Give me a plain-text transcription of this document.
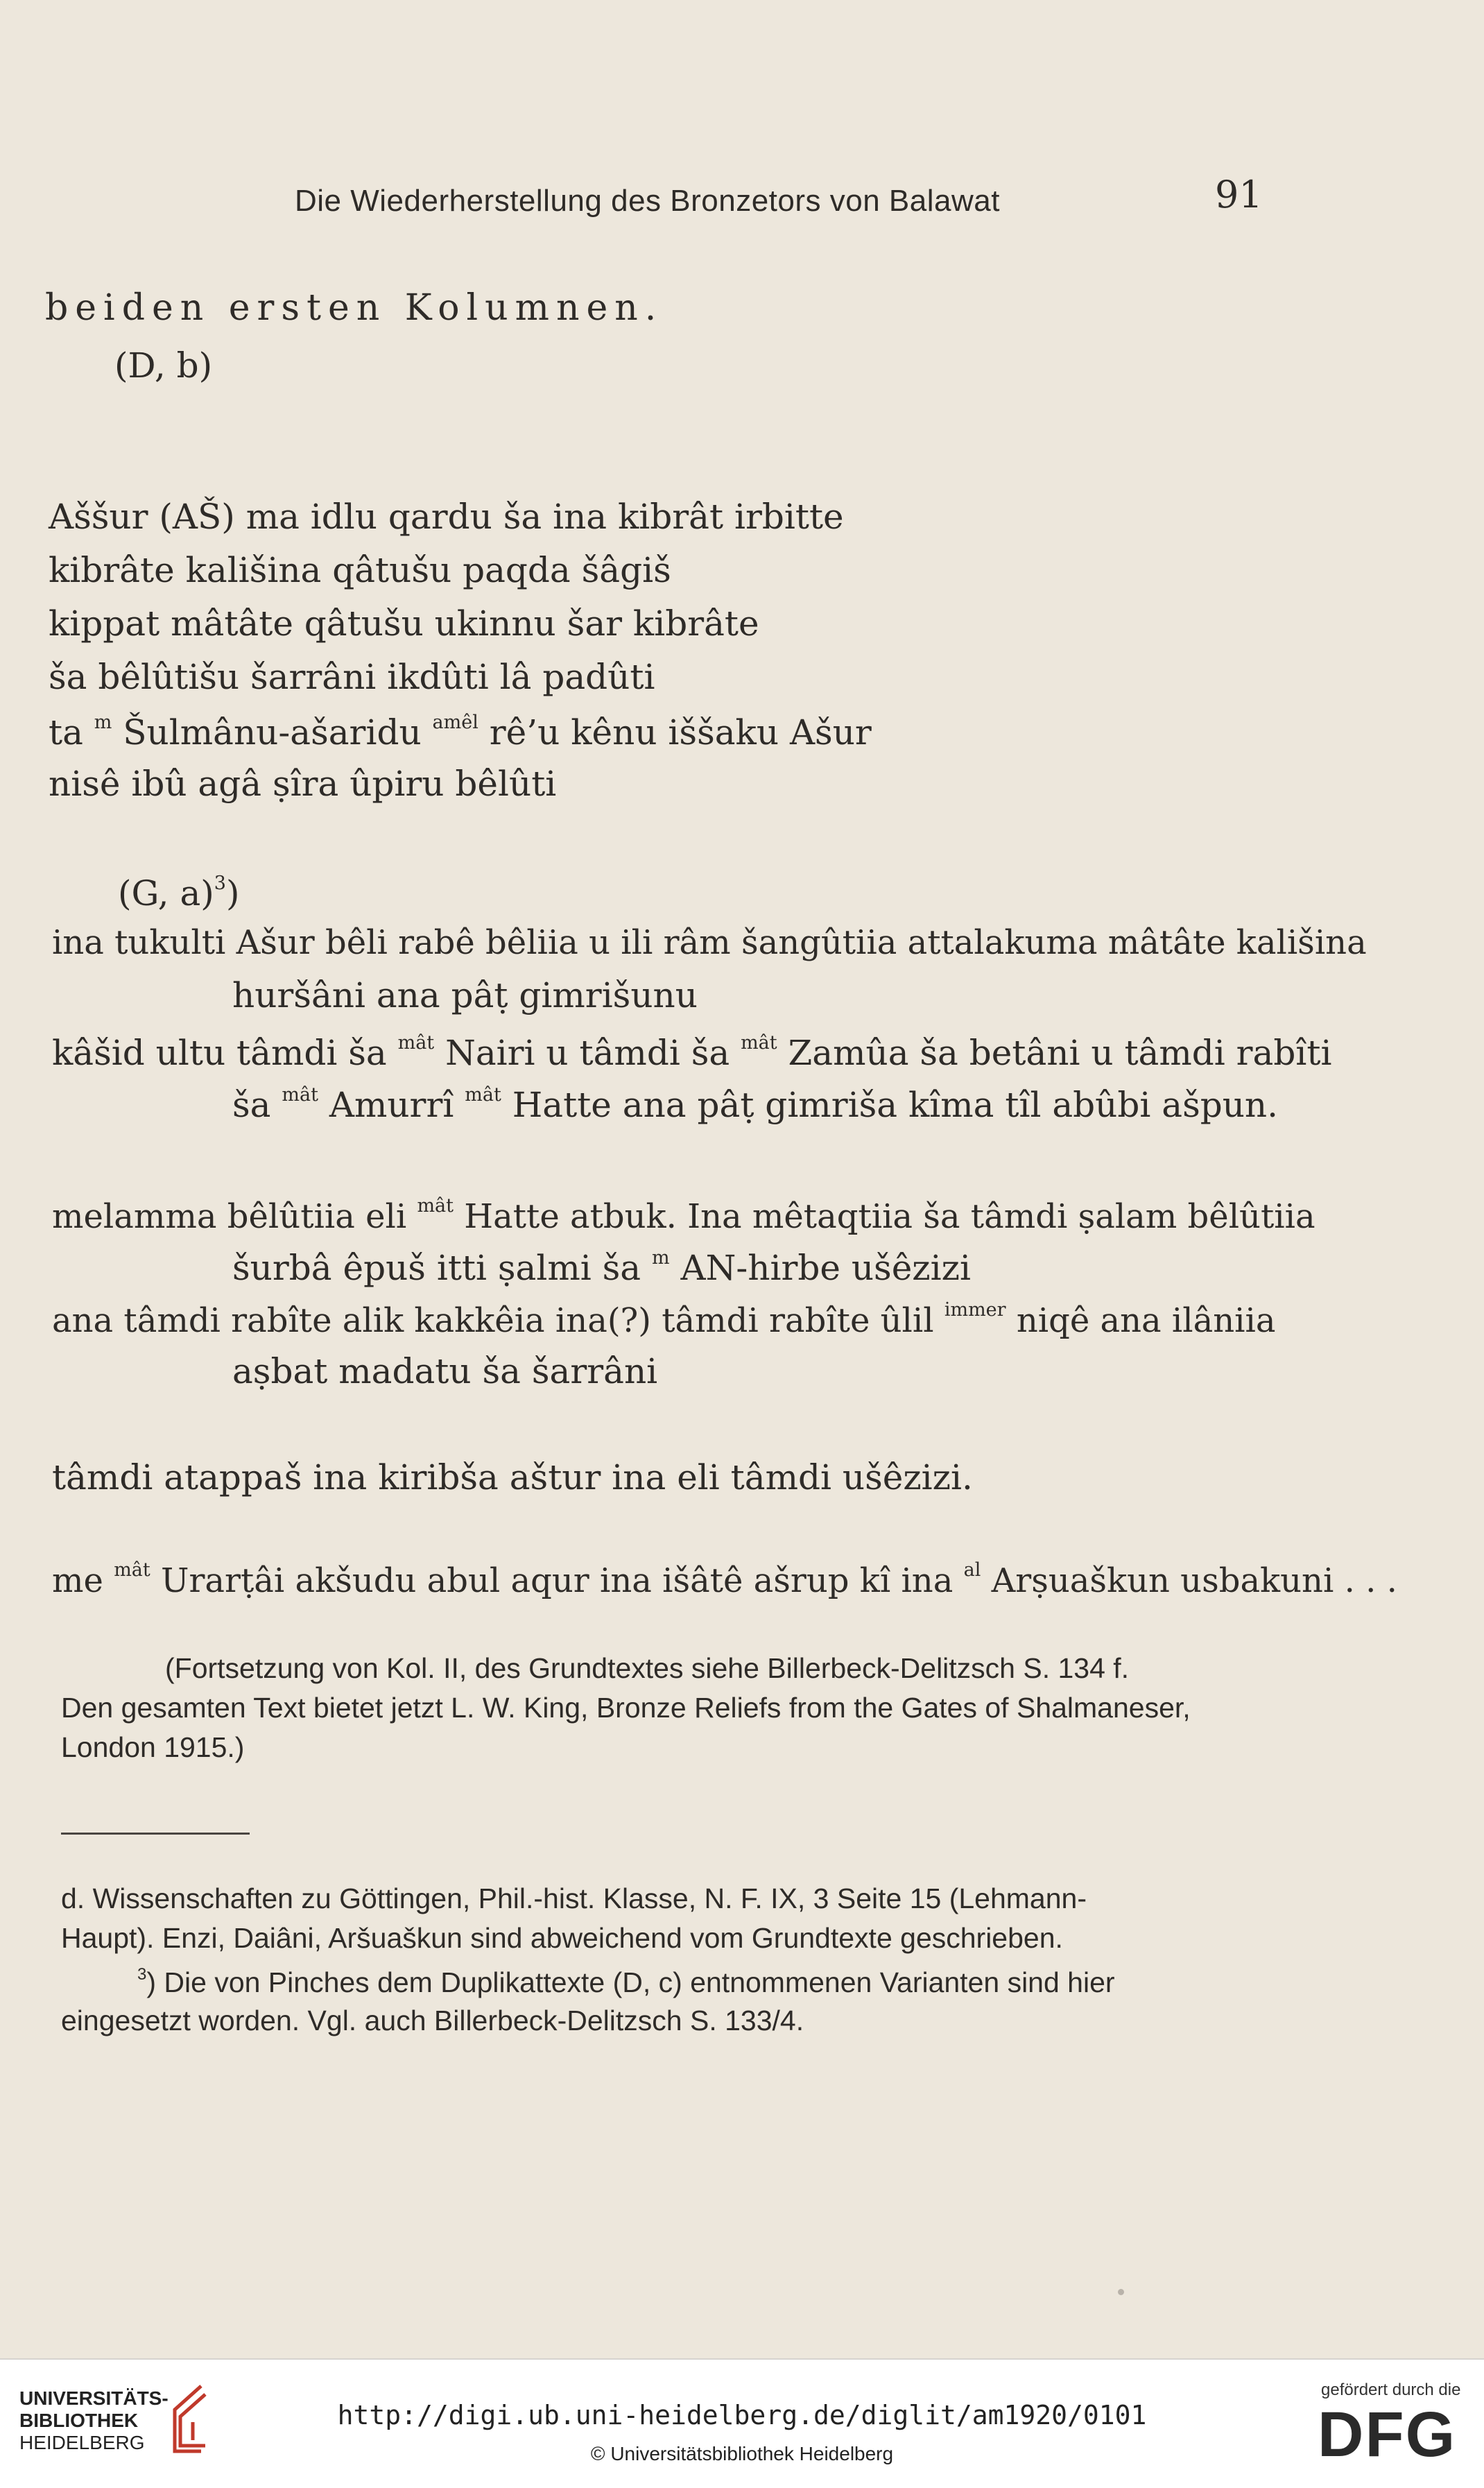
Die Wiederherstellung des Bronzetors von Balawat	91
beiden ersten Kolumnen.
(D, b)
Aššur (AŠ) ma idlu qardu ša ina kibrât irbitte
kibrâte kališina qâtušu paqda šâgiš
kippat mâtâte qâtušu ukinnu šar kibrâte
ša bêlûtišu šarrâni ikdûti lâ padûti
ta $^m$ Šulmânu-ašaridu $^{amêl}$ rê’u kênu iššaku Ašur
nisê ibû agâ ṣîra ûpiru bêlûti
(G, a)$^3$)
ina tukulti Ašur bêli rabê bêliia u ili râm šangûtiia attalakuma mâtâte kališina
huršâni ana pâṭ gimrišunu
kâšid ultu tâmdi ša $^{mât}$ Nairi u tâmdi ša $^{mât}$ Zamûa ša betâni u tâmdi rabîti
ša $^{mât}$ Amurrî $^{mât}$ Hatte ana pâṭ gimriša kîma tîl abûbi ašpun.
melamma bêlûtiia eli $^{mât}$ Hatte atbuk. Ina mêtaqtiia ša tâmdi ṣalam bêlûtiia
šurbâ êpuš itti ṣalmi ša $^m$ AN-hirbe ušêzizi
ana tâmdi rabîte alik kakkêia ina(?) tâmdi rabîte ûlil $^{immer}$ niqê ana ilâniia
aṣbat madatu ša šarrâni
tâmdi atappaš ina kiribša aštur ina eli tâmdi ušêzizi.
me $^{mât}$ Urarṭâi akšudu abul aqur ina išâtê ašrup kî ina $^{al}$ Arṣuaškun usbakuni . . .
(Fortsetzung von Kol. II, des Grundtextes siehe Billerbeck-Delitzsch S. 134 f.
Den gesamten Text bietet jetzt L. W. King, Bronze Reliefs from the Gates of Shalmaneser,
London 1915.)
d. Wissenschaften zu Göttingen, Phil.-hist. Klasse, N. F. IX, 3 Seite 15 (Lehmann-
Haupt). Enzi, Daiâni, Aršuaškun sind abweichend vom Grundtexte geschrieben.
$^3$) Die von Pinches dem Duplikattexte (D, c) entnommenen Varianten sind hier
eingesetzt worden. Vgl. auch Billerbeck-Delitzsch S. 133/4.
UNIVERSITÄTS-
BIBLIOTHEK
HEIDELBERG
http://digi.ub.uni-heidelberg.de/diglit/am1920/0101
© Universitätsbibliothek Heidelberg
gefördert durch die
DFG
